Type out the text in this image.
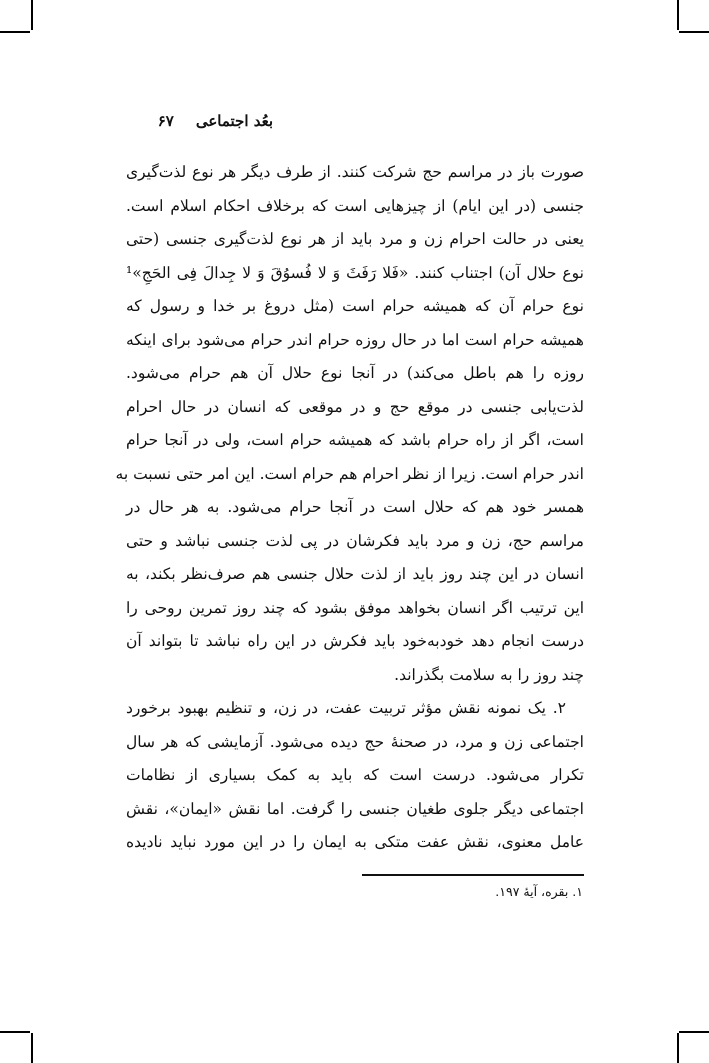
بعُد اجتماعی
۶۷
صورت باز در مراسم حج شرکت کنند. از طرف دیگر هر نوع لذت‌گیری
جنسی (در این ایام) از چیزهایی است که برخلاف احکام اسلام است.
یعنی در حالت احرام زن و مرد باید از هر نوع لذت‌گیری جنسی (حتی
نوع حلال آن) اجتناب کنند. «فَلا رَفَثَ وَ لا فُسوُقَ وَ لا جِدالَ فِی الحَجِ»¹
نوع حرام آن که همیشه حرام است (مثل دروغ بر خدا و رسول که
همیشه حرام است اما در حال روزه حرام اندر حرام می‌شود برای اینکه
روزه را هم باطل می‌کند) در آنجا نوع حلال آن هم حرام می‌شود.
لذت‌یابی جنسی در موقع حج و در موقعی که انسان در حال احرام
است، اگر از راه حرام باشد که همیشه حرام است، ولی در آنجا حرام
اندر حرام است. زیرا از نظر احرام هم حرام است. این امر حتی نسبت به
همسر خود هم که حلال است در آنجا حرام می‌شود. به هر حال در
مراسم حج، زن و مرد باید فکرشان در پی لذت جنسی نباشد و حتی
انسان در این چند روز باید از لذت حلال جنسی هم صرف‌نظر بکند، به
این ترتیب اگر انسان بخواهد موفق بشود که چند روز تمرین روحی را
درست انجام دهد خودبه‌خود باید فکرش در این راه نباشد تا بتواند آن
چند روز را به سلامت بگذراند.
۲. یک نمونه نقش مؤثر تربیت عفت، در زن، و تنظیم بهبود برخورد
اجتماعی زن و مرد، در صحنهٔ حج دیده می‌شود. آزمایشی که هر سال
تکرار می‌شود. درست است که باید به کمک بسیاری از نظامات
اجتماعی دیگر جلوی طغیان جنسی را گرفت. اما نقش «ایمان»، نقش
عامل معنوی، نقش عفت متکی به ایمان را در این مورد نباید نادیده
۱. بقره، آیهٔ ۱۹۷.
